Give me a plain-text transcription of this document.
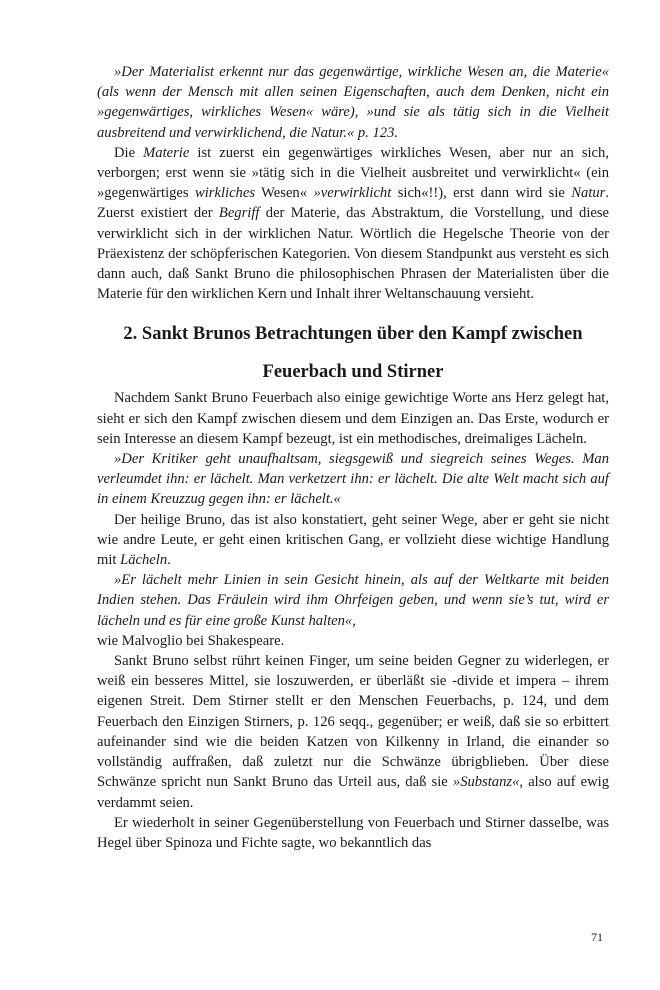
»Der Materialist erkennt nur das gegenwärtige, wirkliche Wesen an, die Materie« (als wenn der Mensch mit allen seinen Eigenschaften, auch dem Denken, nicht ein »gegenwärtiges, wirkliches Wesen« wäre), »und sie als tätig sich in die Vielheit ausbreitend und verwirklichend, die Natur.« p. 123.

Die Materie ist zuerst ein gegenwärtiges wirkliches Wesen, aber nur an sich, verborgen; erst wenn sie »tätig sich in die Vielheit ausbreitet und verwirklicht« (ein »gegenwärtiges wirkliches Wesen« »verwirklicht sich«!!), erst dann wird sie Natur. Zuerst existiert der Begriff der Materie, das Abstraktum, die Vorstellung, und diese verwirklicht sich in der wirklichen Natur. Wörtlich die Hegelsche Theorie von der Präexistenz der schöpferischen Kategorien. Von diesem Standpunkt aus versteht es sich dann auch, daß Sankt Bruno die philosophischen Phrasen der Materialisten über die Materie für den wirklichen Kern und Inhalt ihrer Weltanschauung versieht.

2. Sankt Brunos Betrachtungen über den Kampf zwischen
Feuerbach und Stirner

Nachdem Sankt Bruno Feuerbach also einige gewichtige Worte ans Herz gelegt hat, sieht er sich den Kampf zwischen diesem und dem Einzigen an. Das Erste, wodurch er sein Interesse an diesem Kampf bezeugt, ist ein methodisches, dreimaliges Lächeln.

»Der Kritiker geht unaufhaltsam, siegsgewiß und siegreich seines Weges. Man verleumdet ihn: er lächelt. Man verketzert ihn: er lächelt. Die alte Welt macht sich auf in einem Kreuzzug gegen ihn: er lächelt.«

Der heilige Bruno, das ist also konstatiert, geht seiner Wege, aber er geht sie nicht wie andre Leute, er geht einen kritischen Gang, er vollzieht diese wichtige Handlung mit Lächeln.

»Er lächelt mehr Linien in sein Gesicht hinein, als auf der Weltkarte mit beiden Indien stehen. Das Fräulein wird ihm Ohrfeigen geben, und wenn sie’s tut, wird er lächeln und es für eine große Kunst halten«,

wie Malvoglio bei Shakespeare.

Sankt Bruno selbst rührt keinen Finger, um seine beiden Gegner zu widerlegen, er weiß ein besseres Mittel, sie loszuwerden, er überläßt sie -divide et impera – ihrem eigenen Streit. Dem Stirner stellt er den Menschen Feuerbachs, p. 124, und dem Feuerbach den Einzigen Stirners, p. 126 seqq., gegenüber; er weiß, daß sie so erbittert aufeinander sind wie die beiden Katzen von Kilkenny in Irland, die einander so vollständig auffraßen, daß zuletzt nur die Schwänze übrigblieben. Über diese Schwänze spricht nun Sankt Bruno das Urteil aus, daß sie »Substanz«, also auf ewig verdammt seien.

Er wiederholt in seiner Gegenüberstellung von Feuerbach und Stirner dasselbe, was Hegel über Spinoza und Fichte sagte, wo bekanntlich das

71
